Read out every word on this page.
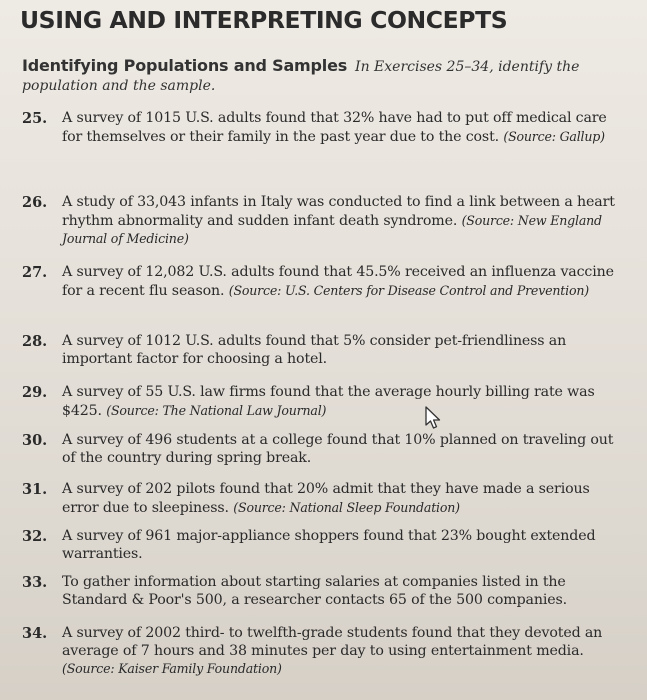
USING AND INTERPRETING CONCEPTS
Identifying Populations and Samples In Exercises 25–34, identify the population and the sample.
25. A survey of 1015 U.S. adults found that 32% have had to put off medical care for themselves or their family in the past year due to the cost. (Source: Gallup)
26. A study of 33,043 infants in Italy was conducted to find a link between a heart rhythm abnormality and sudden infant death syndrome. (Source: New England Journal of Medicine)
27. A survey of 12,082 U.S. adults found that 45.5% received an influenza vaccine for a recent flu season. (Source: U.S. Centers for Disease Control and Prevention)
28. A survey of 1012 U.S. adults found that 5% consider pet-friendliness an important factor for choosing a hotel.
29. A survey of 55 U.S. law firms found that the average hourly billing rate was $425. (Source: The National Law Journal)
30. A survey of 496 students at a college found that 10% planned on traveling out of the country during spring break.
31. A survey of 202 pilots found that 20% admit that they have made a serious error due to sleepiness. (Source: National Sleep Foundation)
32. A survey of 961 major-appliance shoppers found that 23% bought extended warranties.
33. To gather information about starting salaries at companies listed in the Standard & Poor's 500, a researcher contacts 65 of the 500 companies.
34. A survey of 2002 third- to twelfth-grade students found that they devoted an average of 7 hours and 38 minutes per day to using entertainment media. (Source: Kaiser Family Foundation)
